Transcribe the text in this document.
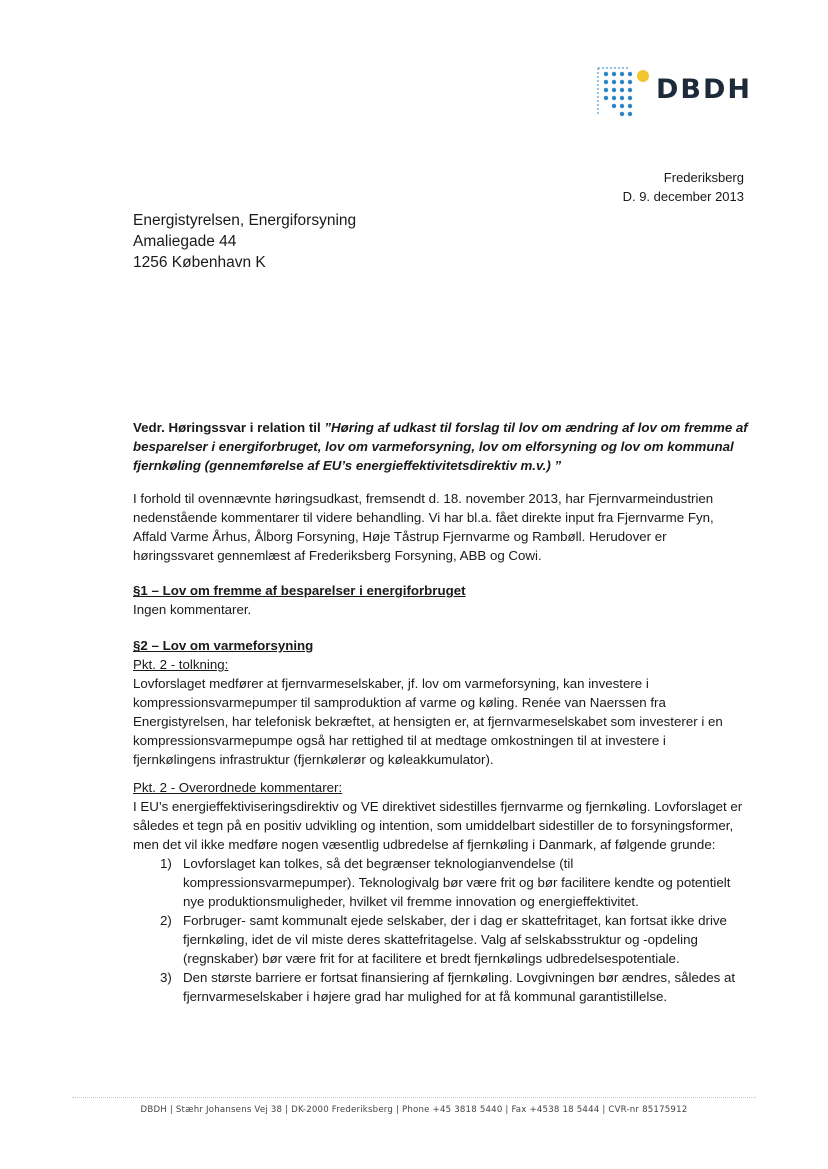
DBDH
Frederiksberg
D. 9. december 2013
Energistyrelsen, Energiforsyning
Amaliegade 44
1256 København K
Vedr. Høringssvar i relation til ”Høring af udkast til forslag til lov om ændring af lov om fremme af besparelser i energiforbruget, lov om varmeforsyning, lov om elforsyning og lov om kommunal fjernkøling (gennemførelse af EU’s energieffektivitetsdirektiv m.v.) ”
I forhold til ovennævnte høringsudkast, fremsendt d. 18. november 2013, har Fjernvarmeindustrien nedenstående kommentarer til videre behandling. Vi har bl.a. fået direkte input fra Fjernvarme Fyn, Affald Varme Århus, Ålborg Forsyning, Høje Tåstrup Fjernvarme og Rambøll. Herudover er høringssvaret gennemlæst af Frederiksberg Forsyning, ABB og Cowi.
§1 – Lov om fremme af besparelser i energiforbruget
Ingen kommentarer.
§2 – Lov om varmeforsyning
Pkt. 2 - tolkning:
Lovforslaget medfører at fjernvarmeselskaber, jf. lov om varmeforsyning, kan investere i kompressionsvarmepumper til samproduktion af varme og køling. Renée van Naerssen fra Energistyrelsen, har telefonisk bekræftet, at hensigten er, at fjernvarmeselskabet som investerer i en kompressionsvarmepumpe også har rettighed til at medtage omkostningen til at investere i fjernkølingens infrastruktur (fjernkølerør og køleakkumulator).
Pkt. 2 - Overordnede kommentarer:
I EU’s energieffektiviseringsdirektiv og VE direktivet sidestilles fjernvarme og fjernkøling. Lovforslaget er således et tegn på en positiv udvikling og intention, som umiddelbart sidestiller de to forsyningsformer, men det vil ikke medføre nogen væsentlig udbredelse af fjernkøling i Danmark, af følgende grunde:
1) Lovforslaget kan tolkes, så det begrænser teknologianvendelse (til kompressionsvarmepumper). Teknologivalg bør være frit og bør facilitere kendte og potentielt nye produktionsmuligheder, hvilket vil fremme innovation og energieffektivitet.
2) Forbruger- samt kommunalt ejede selskaber, der i dag er skattefritaget, kan fortsat ikke drive fjernkøling, idet de vil miste deres skattefritagelse. Valg af selskabsstruktur og -opdeling (regnskaber) bør være frit for at facilitere et bredt fjernkølings udbredelsespotentiale.
3) Den største barriere er fortsat finansiering af fjernkøling. Lovgivningen bør ændres, således at fjernvarmeselskaber i højere grad har mulighed for at få kommunal garantistillelse.
DBDH | Stæhr Johansens Vej 38 | DK-2000 Frederiksberg | Phone +45 3818 5440 | Fax +4538 18 5444 | CVR-nr 85175912
